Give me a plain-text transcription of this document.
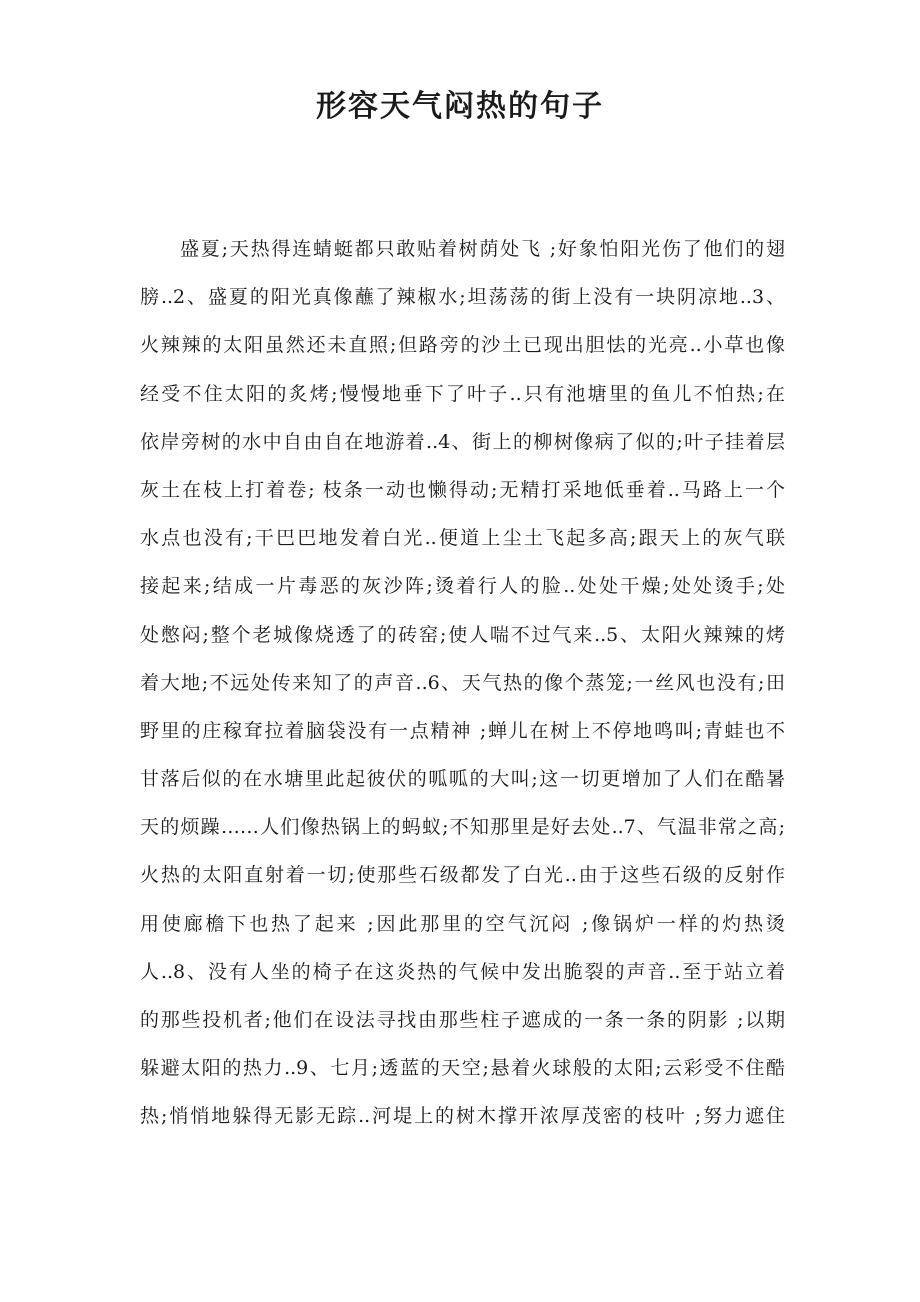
形容天气闷热的句子
盛夏;天热得连蜻蜓都只敢贴着树荫处飞 ;好象怕阳光伤了他们的翅
膀..2、盛夏的阳光真像蘸了辣椒水;坦荡荡的街上没有一块阴凉地..3、
火辣辣的太阳虽然还未直照;但路旁的沙土已现出胆怯的光亮..小草也像
经受不住太阳的炙烤;慢慢地垂下了叶子..只有池塘里的鱼儿不怕热;在
依岸旁树的水中自由自在地游着..4、街上的柳树像病了似的;叶子挂着层
灰土在枝上打着卷; 枝条一动也懒得动;无精打采地低垂着..马路上一个
水点也没有;干巴巴地发着白光..便道上尘土飞起多高;跟天上的灰气联
接起来;结成一片毒恶的灰沙阵;烫着行人的脸..处处干燥;处处烫手;处
处憋闷;整个老城像烧透了的砖窑;使人喘不过气来..5、太阳火辣辣的烤
着大地;不远处传来知了的声音..6、天气热的像个蒸笼;一丝风也没有;田
野里的庄稼耷拉着脑袋没有一点精神 ;蝉儿在树上不停地鸣叫;青蛙也不
甘落后似的在水塘里此起彼伏的呱呱的大叫;这一切更增加了人们在酷暑
天的烦躁……人们像热锅上的蚂蚁;不知那里是好去处..7、气温非常之高;
火热的太阳直射着一切;使那些石级都发了白光..由于这些石级的反射作
用使廊檐下也热了起来 ;因此那里的空气沉闷 ;像锅炉一样的灼热烫
人..8、没有人坐的椅子在这炎热的气候中发出脆裂的声音..至于站立着
的那些投机者;他们在设法寻找由那些柱子遮成的一条一条的阴影 ;以期
躲避太阳的热力..9、七月;透蓝的天空;悬着火球般的太阳;云彩受不住酷
热;悄悄地躲得无影无踪..河堤上的树木撑开浓厚茂密的枝叶 ;努力遮住
